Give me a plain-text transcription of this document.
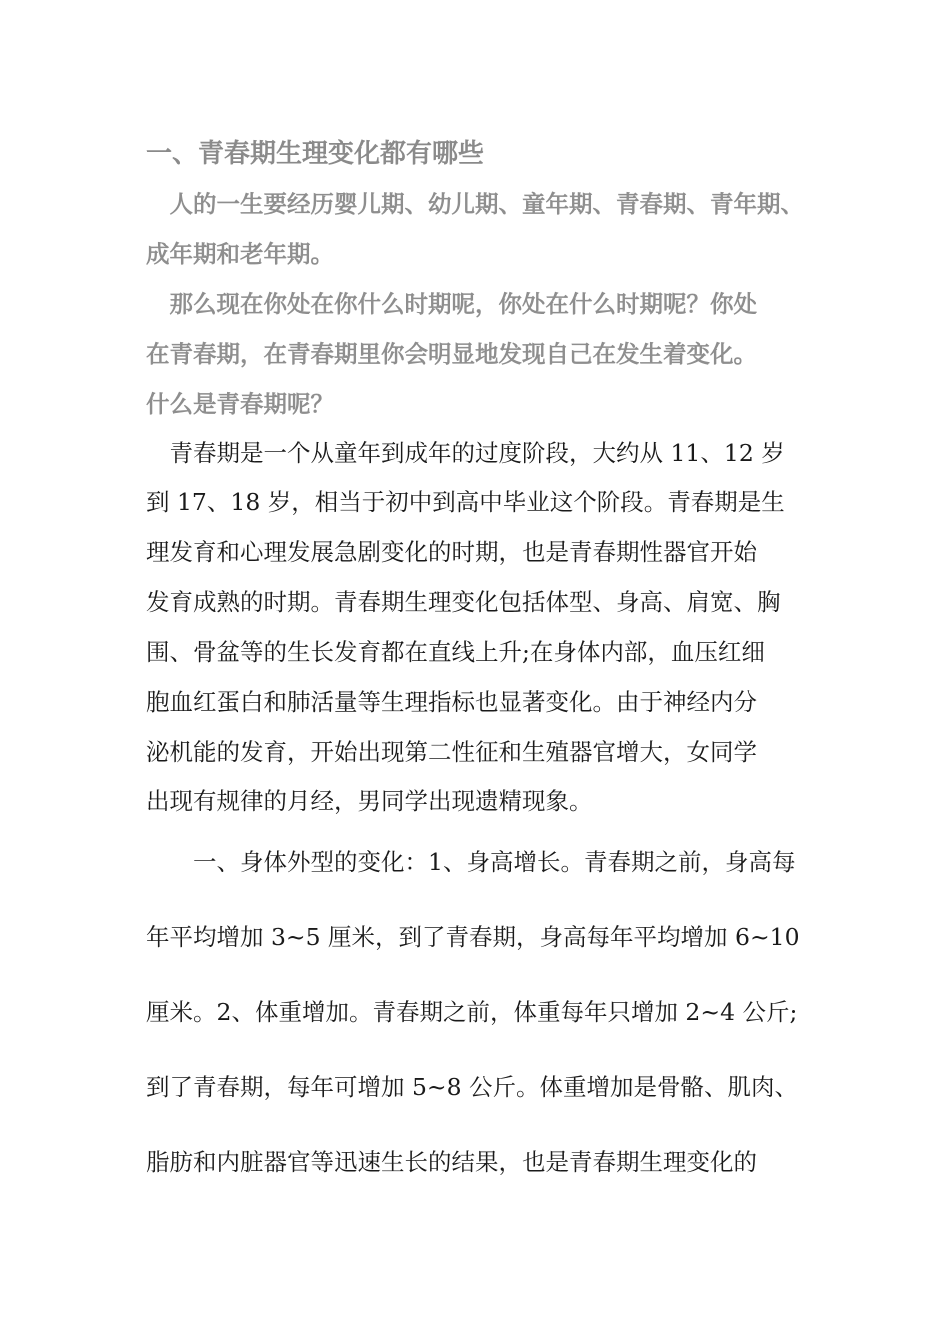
一、青春期生理变化都有哪些

　人的一生要经历婴儿期、幼儿期、童年期、青春期、青年期、

成年期和老年期。

　那么现在你处在你什么时期呢，你处在什么时期呢？你处

在青春期，在青春期里你会明显地发现自己在发生着变化。

什么是青春期呢？

　青春期是一个从童年到成年的过度阶段，大约从 11、12 岁

到 17、18 岁，相当于初中到高中毕业这个阶段。青春期是生

理发育和心理发展急剧变化的时期，也是青春期性器官开始

发育成熟的时期。青春期生理变化包括体型、身高、肩宽、胸

围、骨盆等的生长发育都在直线上升;在身体内部，血压红细

胞血红蛋白和肺活量等生理指标也显著变化。由于神经内分

泌机能的发育，开始出现第二性征和生殖器官增大，女同学

出现有规律的月经，男同学出现遗精现象。

　　一、身体外型的变化：1、身高增长。青春期之前，身高每

年平均增加 3~5 厘米，到了青春期，身高每年平均增加 6~10

厘米。2、体重增加。青春期之前，体重每年只增加 2~4 公斤;

到了青春期，每年可增加 5~8 公斤。体重增加是骨骼、肌肉、

脂肪和内脏器官等迅速生长的结果，也是青春期生理变化的
